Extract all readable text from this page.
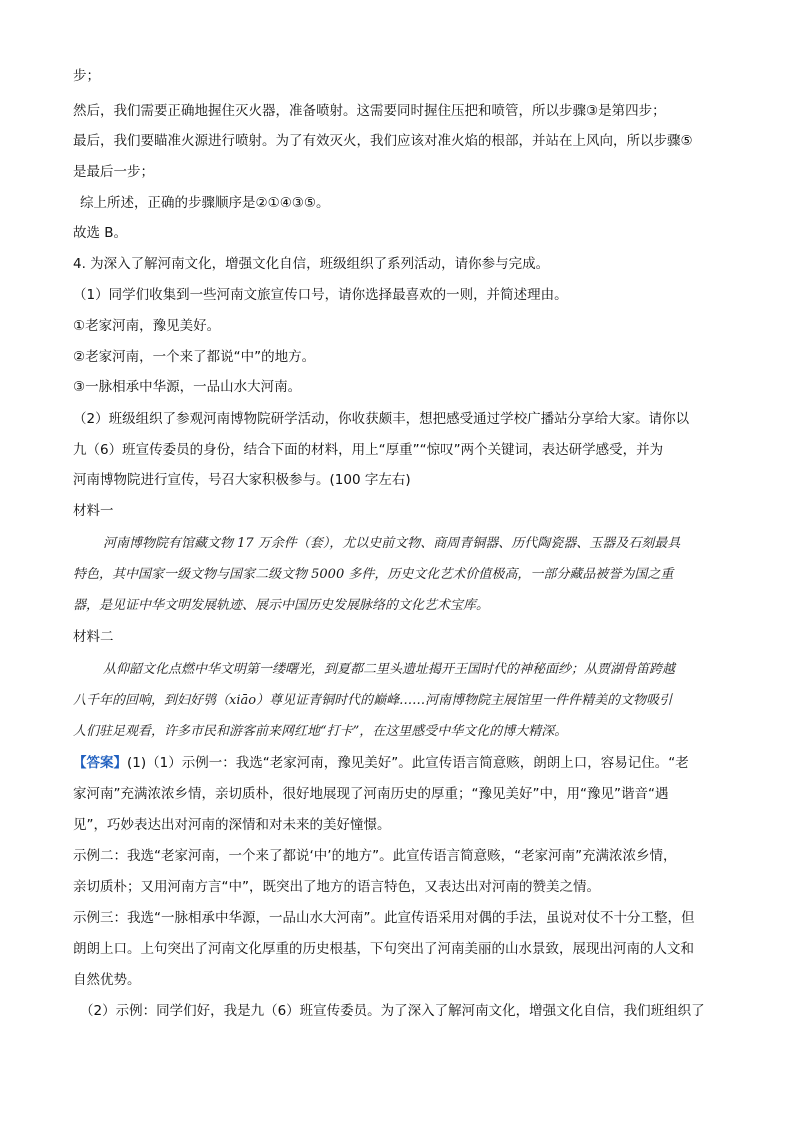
步；
然后，我们需要正确地握住灭火器，准备喷射。这需要同时握住压把和喷管，所以步骤③是第四步；
最后，我们要瞄准火源进行喷射。为了有效灭火，我们应该对准火焰的根部，并站在上风向，所以步骤⑤
是最后一步；
综上所述，正确的步骤顺序是②①④③⑤。
故选 B。
4. 为深入了解河南文化，增强文化自信，班级组织了系列活动，请你参与完成。
（1）同学们收集到一些河南文旅宣传口号，请你选择最喜欢的一则，并简述理由。
①老家河南，豫见美好。
②老家河南，一个来了都说“中”的地方。
③一脉相承中华源，一品山水大河南。
（2）班级组织了参观河南博物院研学活动，你收获颇丰，想把感受通过学校广播站分享给大家。请你以
九（6）班宣传委员的身份，结合下面的材料，用上“厚重”“惊叹”两个关键词，表达研学感受，并为
河南博物院进行宣传，号召大家积极参与。(100 字左右)
材料一
河南博物院有馆藏文物 17 万余件（套），尤以史前文物、商周青铜器、历代陶瓷器、玉器及石刻最具
特色，其中国家一级文物与国家二级文物 5000 多件，历史文化艺术价值极高，一部分藏品被誉为国之重
器，是见证中华文明发展轨迹、展示中国历史发展脉络的文化艺术宝库。
材料二
从仰韶文化点燃中华文明第一缕曙光，到夏都二里头遗址揭开王国时代的神秘面纱；从贾湖骨笛跨越
八千年的回响，到妇好鸮（xiāo）尊见证青铜时代的巅峰……河南博物院主展馆里一件件精美的文物吸引
人们驻足观看，许多市民和游客前来网红地“打卡”，在这里感受中华文化的博大精深。
【答案】(1)（1）示例一：我选“老家河南，豫见美好”。此宣传语言简意赅，朗朗上口，容易记住。“老
家河南”充满浓浓乡情，亲切质朴，很好地展现了河南历史的厚重；“豫见美好”中，用“豫见”谐音“遇
见”，巧妙表达出对河南的深情和对未来的美好憧憬。
示例二：我选“老家河南，一个来了都说‘中’的地方”。此宣传语言简意赅，“老家河南”充满浓浓乡情，
亲切质朴；又用河南方言“中”，既突出了地方的语言特色，又表达出对河南的赞美之情。
示例三：我选“一脉相承中华源，一品山水大河南”。此宣传语采用对偶的手法，虽说对仗不十分工整，但
朗朗上口。上句突出了河南文化厚重的历史根基，下句突出了河南美丽的山水景致，展现出河南的人文和
自然优势。
（2）示例：同学们好，我是九（6）班宣传委员。为了深入了解河南文化，增强文化自信，我们班组织了
